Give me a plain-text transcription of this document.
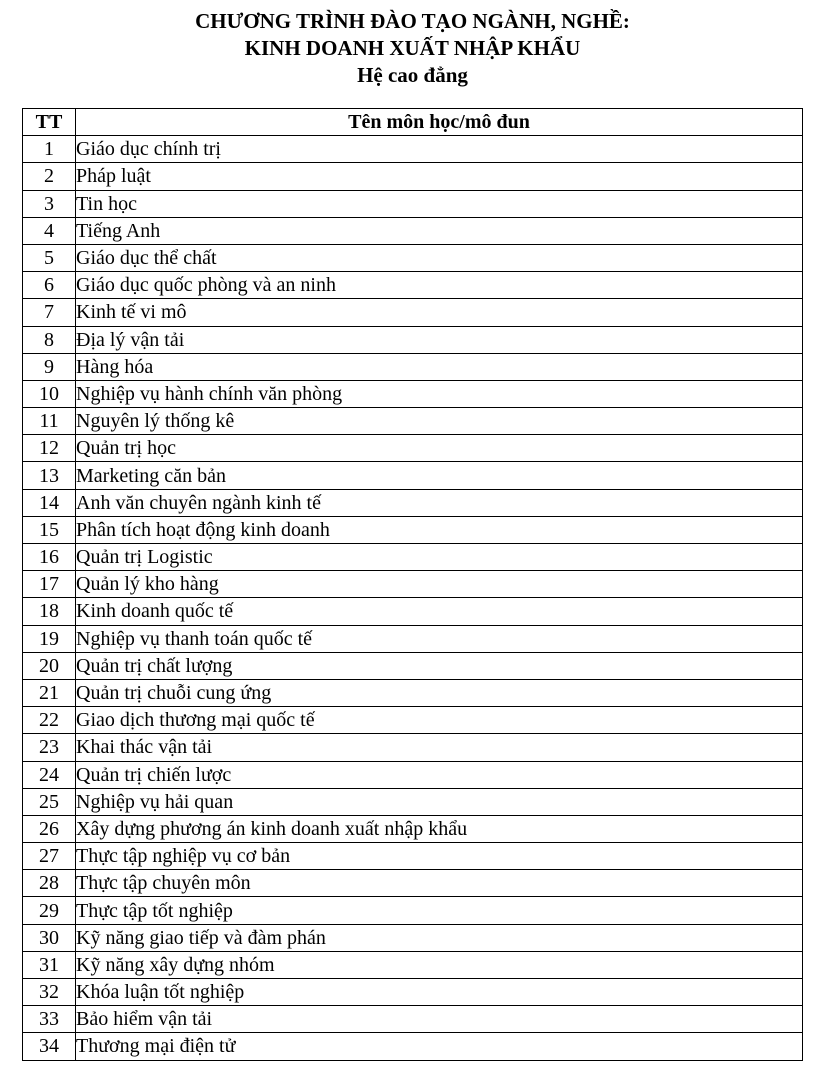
CHƯƠNG TRÌNH ĐÀO TẠO NGÀNH, NGHỀ:
KINH DOANH XUẤT NHẬP KHẨU
Hệ cao đẳng
TT	Tên môn học/mô đun
1	Giáo dục chính trị
2	Pháp luật
3	Tin học
4	Tiếng Anh
5	Giáo dục thể chất
6	Giáo dục quốc phòng và an ninh
7	Kinh tế vi mô
8	Địa lý vận tải
9	Hàng hóa
10	Nghiệp vụ hành chính văn phòng
11	Nguyên lý thống kê
12	Quản trị học
13	Marketing căn bản
14	Anh văn chuyên ngành kinh tế
15	Phân tích hoạt động kinh doanh
16	Quản trị Logistic
17	Quản lý kho hàng
18	Kinh doanh quốc tế
19	Nghiệp vụ thanh toán quốc tế
20	Quản trị chất lượng
21	Quản trị chuỗi cung ứng
22	Giao dịch thương mại quốc tế
23	Khai thác vận tải
24	Quản trị chiến lược
25	Nghiệp vụ hải quan
26	Xây dựng phương án kinh doanh xuất nhập khẩu
27	Thực tập nghiệp vụ cơ bản
28	Thực tập chuyên môn
29	Thực tập tốt nghiệp
30	Kỹ năng giao tiếp và đàm phán
31	Kỹ năng xây dựng nhóm
32	Khóa luận tốt nghiệp
33	Bảo hiểm vận tải
34	Thương mại điện tử
